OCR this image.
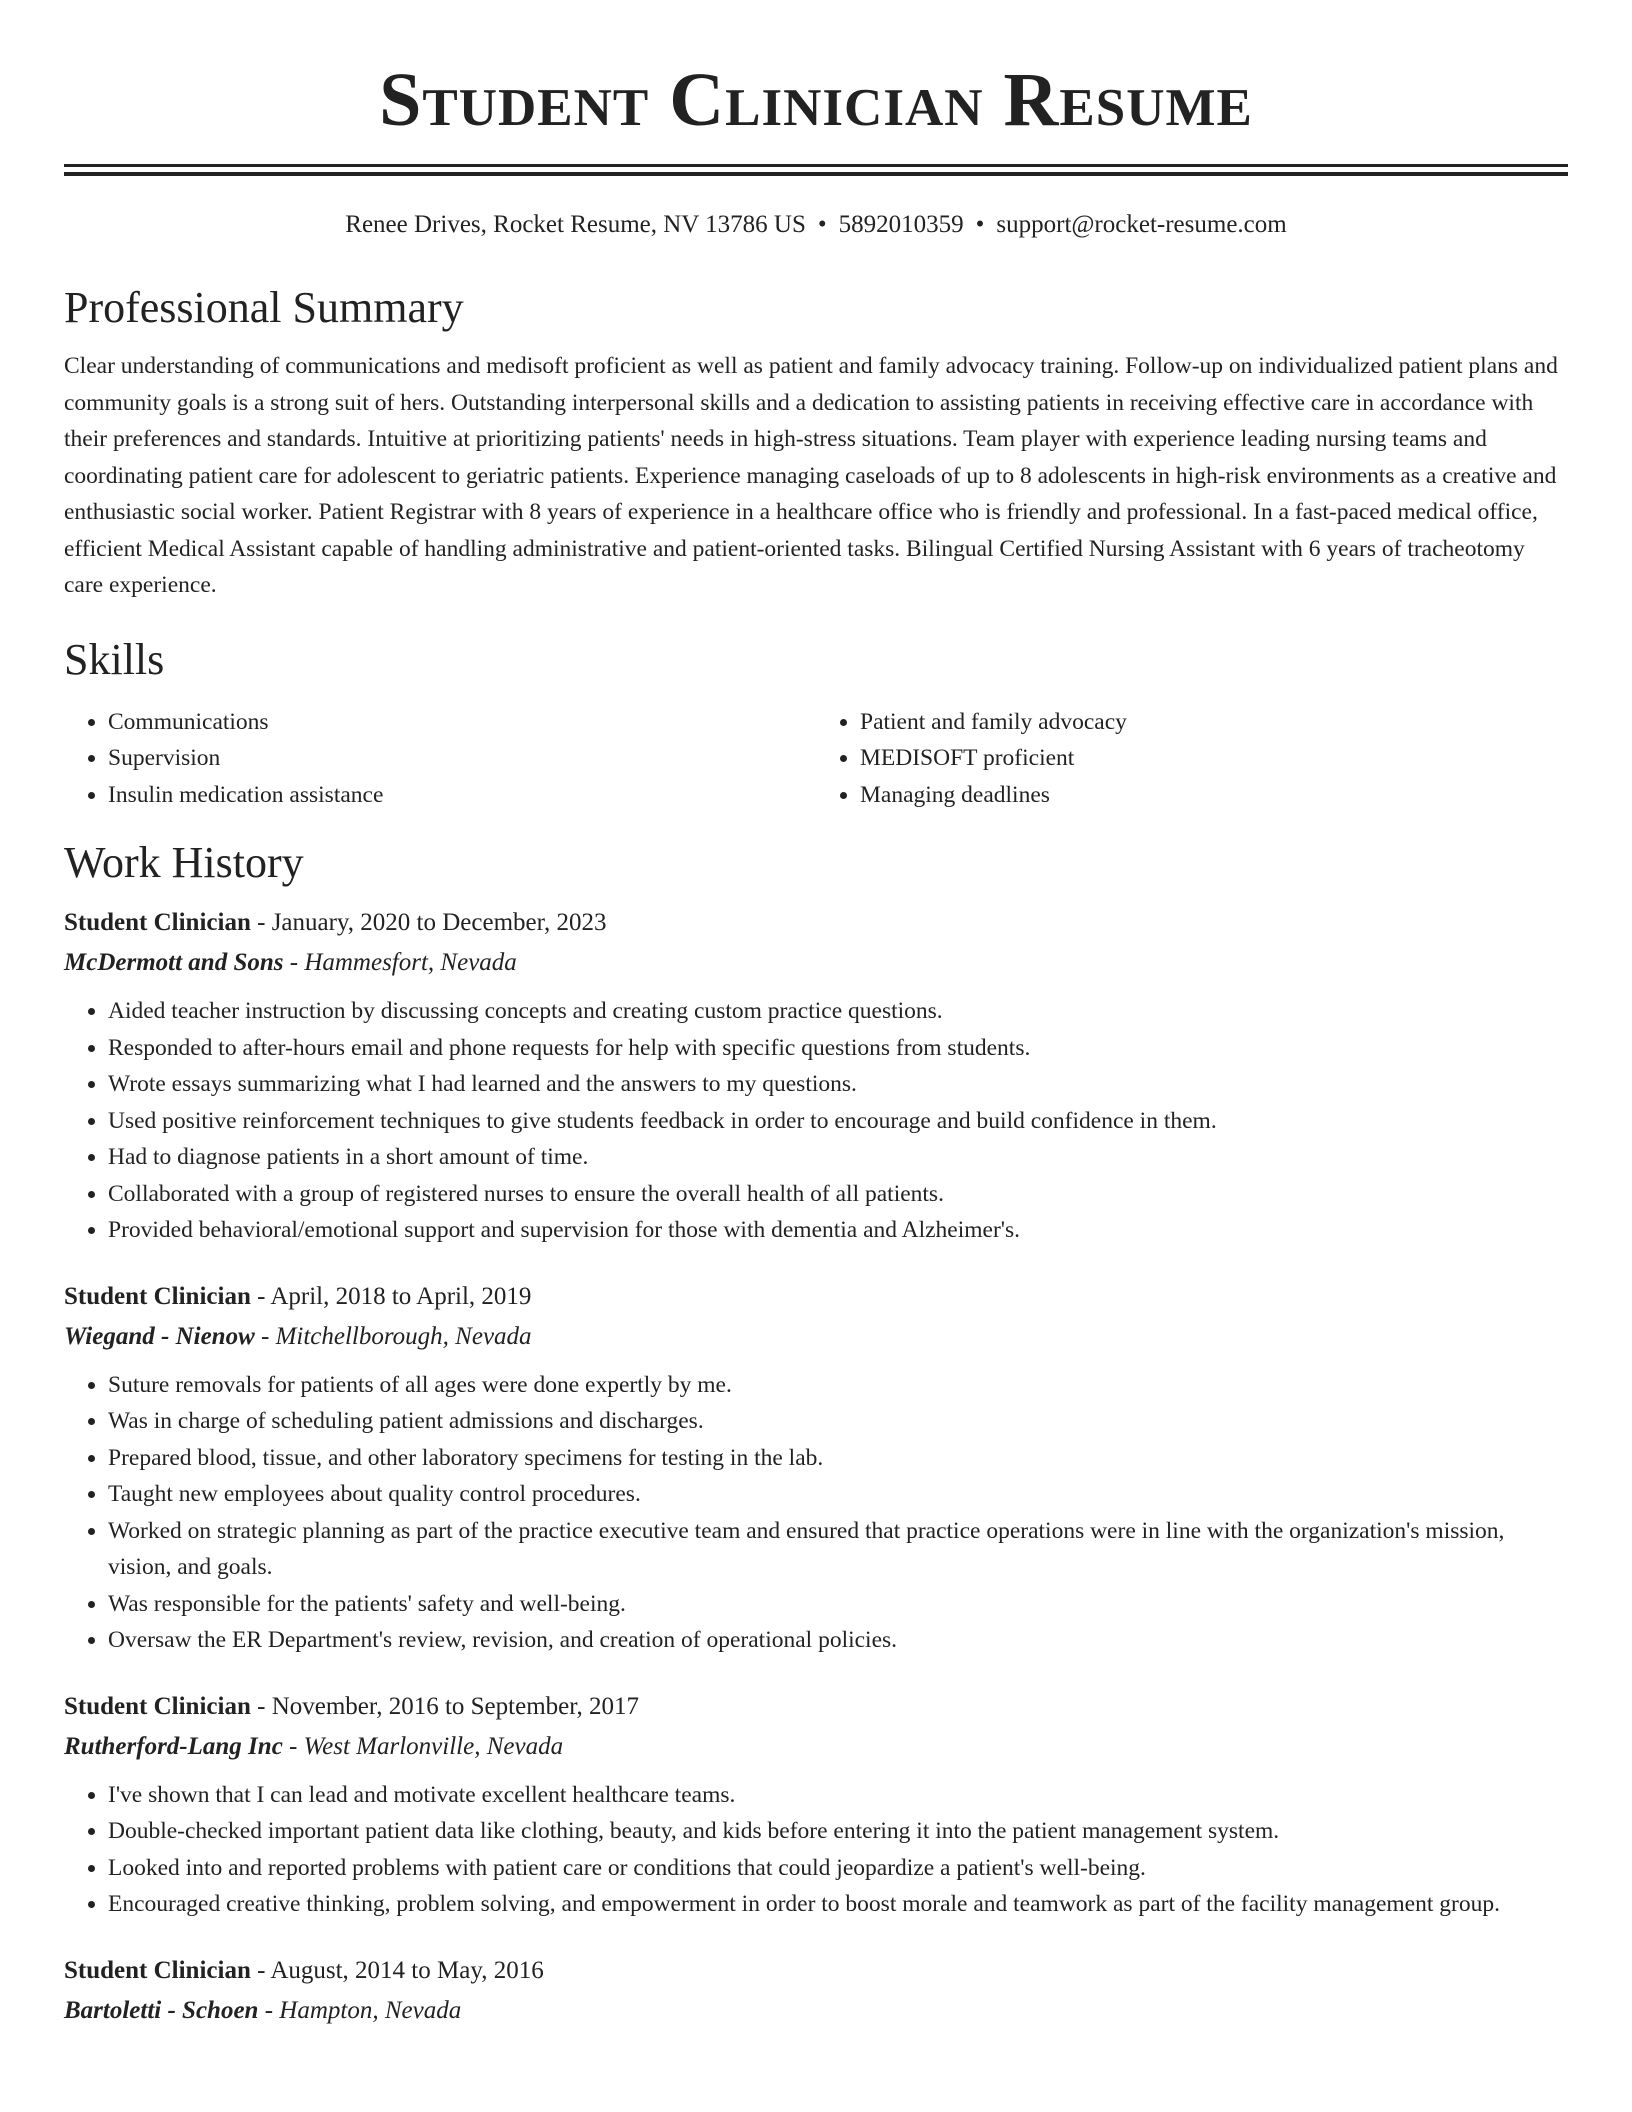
Student Clinician Resume
Renee Drives, Rocket Resume, NV 13786 US • 5892010359 • support@rocket-resume.com
Professional Summary

Clear understanding of communications and medisoft proficient as well as patient and family advocacy training. Follow-up on individualized patient plans and community goals is a strong suit of hers. Outstanding interpersonal skills and a dedication to assisting patients in receiving effective care in accordance with their preferences and standards. Intuitive at prioritizing patients' needs in high-stress situations. Team player with experience leading nursing teams and coordinating patient care for adolescent to geriatric patients. Experience managing caseloads of up to 8 adolescents in high-risk environments as a creative and enthusiastic social worker. Patient Registrar with 8 years of experience in a healthcare office who is friendly and professional. In a fast-paced medical office, efficient Medical Assistant capable of handling administrative and patient-oriented tasks. Bilingual Certified Nursing Assistant with 6 years of tracheotomy care experience.

Skills
• Communications
• Supervision
• Insulin medication assistance
• Patient and family advocacy
• MEDISOFT proficient
• Managing deadlines
Work History
Student Clinician - January, 2020 to December, 2023
McDermott and Sons - Hammesfort, Nevada
• Aided teacher instruction by discussing concepts and creating custom practice questions.
• Responded to after-hours email and phone requests for help with specific questions from students.
• Wrote essays summarizing what I had learned and the answers to my questions.
• Used positive reinforcement techniques to give students feedback in order to encourage and build confidence in them.
• Had to diagnose patients in a short amount of time.
• Collaborated with a group of registered nurses to ensure the overall health of all patients.
• Provided behavioral/emotional support and supervision for those with dementia and Alzheimer's.
Student Clinician - April, 2018 to April, 2019
Wiegand - Nienow - Mitchellborough, Nevada
• Suture removals for patients of all ages were done expertly by me.
• Was in charge of scheduling patient admissions and discharges.
• Prepared blood, tissue, and other laboratory specimens for testing in the lab.
• Taught new employees about quality control procedures.
• Worked on strategic planning as part of the practice executive team and ensured that practice operations were in line with the organization's mission, vision, and goals.
• Was responsible for the patients' safety and well-being.
• Oversaw the ER Department's review, revision, and creation of operational policies.
Student Clinician - November, 2016 to September, 2017
Rutherford-Lang Inc - West Marlonville, Nevada
• I've shown that I can lead and motivate excellent healthcare teams.
• Double-checked important patient data like clothing, beauty, and kids before entering it into the patient management system.
• Looked into and reported problems with patient care or conditions that could jeopardize a patient's well-being.
• Encouraged creative thinking, problem solving, and empowerment in order to boost morale and teamwork as part of the facility management group.
Student Clinician - August, 2014 to May, 2016
Bartoletti - Schoen - Hampton, Nevada
